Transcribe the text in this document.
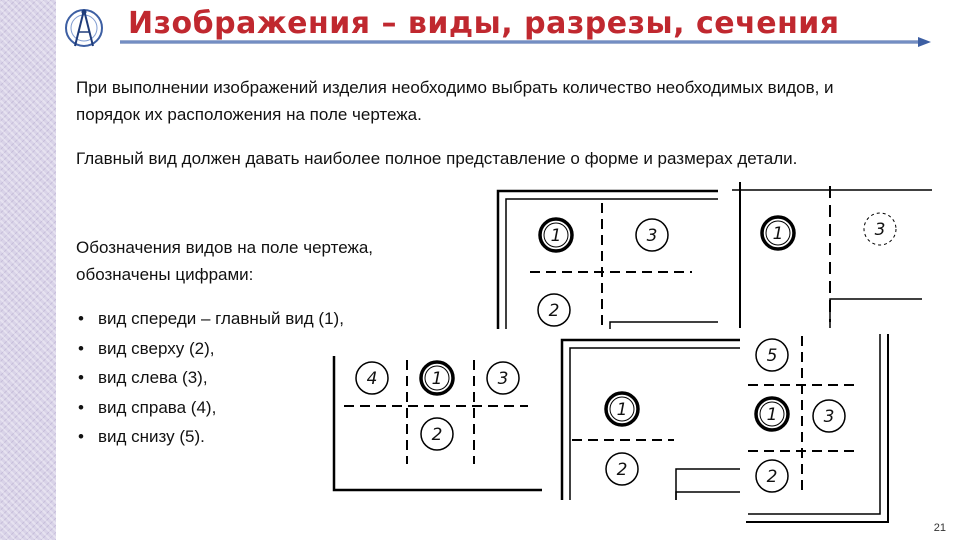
Изображения – виды, разрезы, сечения

При выполнении изображений изделия необходимо выбрать количество необходимых видов, и порядок их расположения на поле чертежа.

Главный вид должен давать наиболее полное представление о форме и размерах детали.

Обозначения видов на поле чертежа, обозначены цифрами:

• вид спереди – главный вид (1),
• вид сверху (2),
• вид слева (3),
• вид справа (4),
• вид снизу (5).
1	3
2
1	3
4	1	3
2
1
2
5
1	3
2
21
